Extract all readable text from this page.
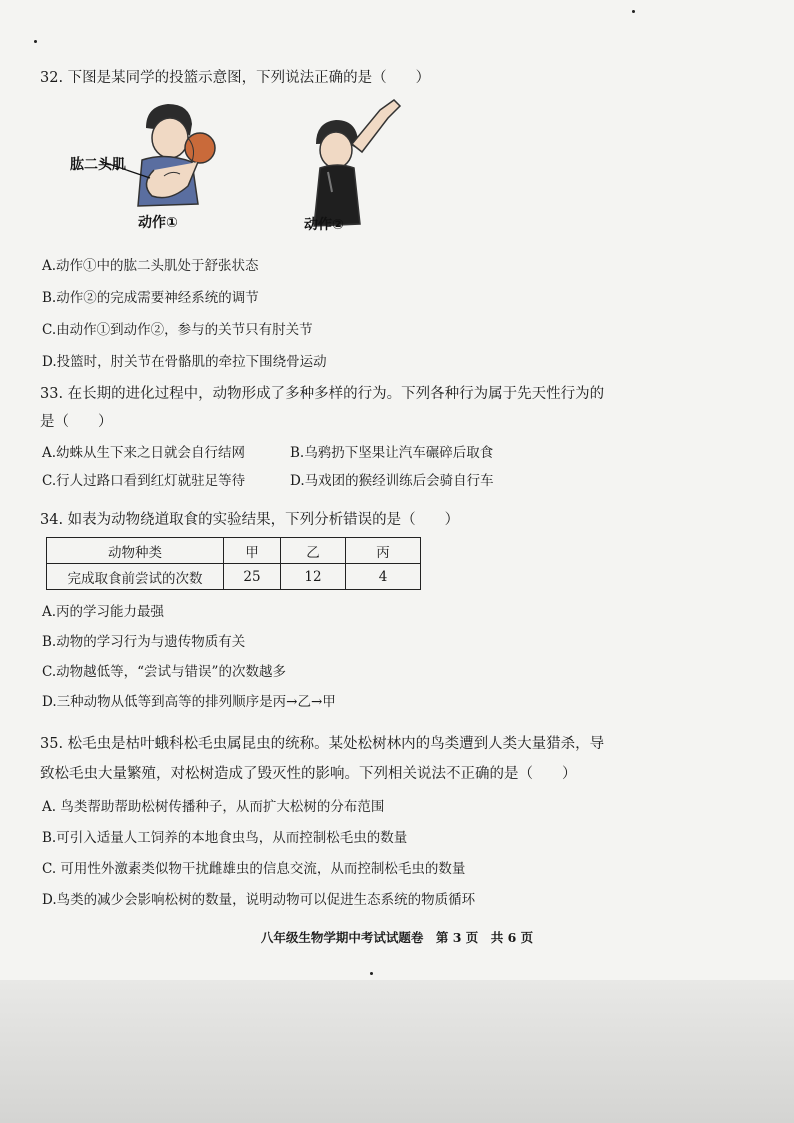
32. 下图是某同学的投篮示意图，下列说法正确的是（　　）
肱二头肌
动作①	动作②
A.动作①中的肱二头肌处于舒张状态
B.动作②的完成需要神经系统的调节
C.由动作①到动作②，参与的关节只有肘关节
D.投篮时，肘关节在骨骼肌的牵拉下围绕骨运动
33. 在长期的进化过程中，动物形成了多种多样的行为。下列各种行为属于先天性行为的
是（　　）
A.幼蛛从生下来之日就会自行结网	B.乌鸦扔下坚果让汽车碾碎后取食
C.行人过路口看到红灯就驻足等待	D.马戏团的猴经训练后会骑自行车
34. 如表为动物绕道取食的实验结果，下列分析错误的是（　　）
动物种类	甲	乙	丙
完成取食前尝试的次数	25	12	4
A.丙的学习能力最强
B.动物的学习行为与遗传物质有关
C.动物越低等，“尝试与错误”的次数越多
D.三种动物从低等到高等的排列顺序是丙→乙→甲
35. 松毛虫是枯叶蛾科松毛虫属昆虫的统称。某处松树林内的鸟类遭到人类大量猎杀，导
致松毛虫大量繁殖，对松树造成了毁灭性的影响。下列相关说法不正确的是（　　）
A. 鸟类帮助帮助松树传播种子，从而扩大松树的分布范围
B.可引入适量人工饲养的本地食虫鸟，从而控制松毛虫的数量
C. 可用性外激素类似物干扰雌雄虫的信息交流，从而控制松毛虫的数量
D.鸟类的减少会影响松树的数量，说明动物可以促进生态系统的物质循环
八年级生物学期中考试试题卷　第 3 页　共 6 页
